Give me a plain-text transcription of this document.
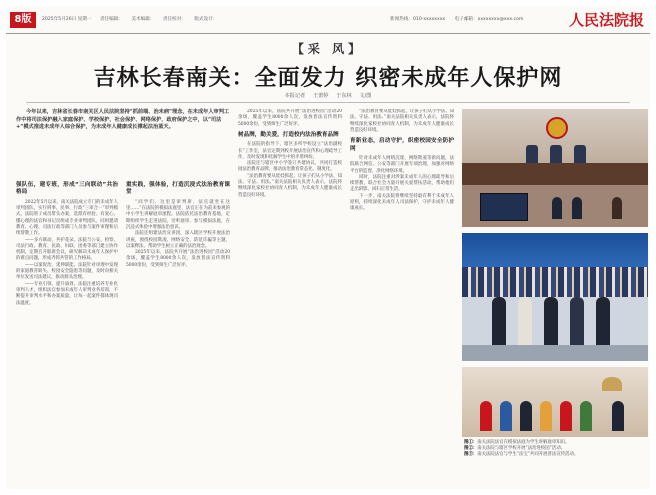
8版	2025年5月26日 星期一 责任编辑： 美术编辑： 责任校对： 版式设计：	新闻热线：010-xxxxxxxx 电子邮箱：xxxxxxxx@xxx.com	人民法院报
【采 风】
吉林长春南关：全面发力 织密未成年人保护网
本报记者 王蕾婷 于东林 文/图
今年以来，吉林省长春市南关区人民法院坚持“抓前端、治未病”理念，在未成年人审判工作中将司法保护融入家庭保护、学校保护、社会保护、网络保护、政府保护之中，以“司法+”模式推进未成年人综合保护，为未成年人健康成长撑起法治蓝天。
强队伍，建专班，形成“三向联动”共治格局

2022年5月以来，南关法院成立专门的未成年人审判团队，实行刑事、民事、行政“三审合一”审判模式，法院班子成员带头办案，选派有经验、有爱心、懂心理的法官和书记员组成专业审判团队，同时邀请教育、心理、司法行政等部门人员参与案件审理和后续帮教工作。

——多方联动，共护花朵。法院与公安、检察、司法行政、教育、民政、妇联、团委等部门建立协作机制，定期召开联席会议，研究解决未成年人保护中的难点问题，形成齐抓共管的工作格局。

——以案促治，延伸职能。法院针对审理中发现的家庭教育缺失、校园安全隐患等问题，及时向相关单位发送司法建议，推动源头治理。

——专业引领，提升质效。法院注重培养专业化审判人才，组织法官参加未成年人审判业务培训，不断提升审判水平和办案质量，让每一起案件都体现司法温度。

重实践，强体验，打造沉浸式法治教育课堂

“同学们，这里是审判席，法官就坐在这里……”在法院的模拟法庭里，法官正在为前来参观的中小学生讲解庭审流程。法院依托法治教育基地，定期组织学生走进法院，旁听庭审、参与模拟法庭，在沉浸式体验中增强法治意识。

法院还组建法治宣讲团，深入辖区学校开展法治讲座，围绕校园欺凌、网络安全、防范诈骗等主题，以案释法，帮助学生树立正确的法治观念。

2025年以来，法院共开展“法治进校园”活动20余场，覆盖学生8000余人次，发放普法宣传资料5000余份，受到师生广泛好评。

2025年以来，法院共开展“法治进校园”活动20余场，覆盖学生8000余人次，发放普法宣传资料5000余份，受到师生广泛好评。

树品牌，勤关爱，打造校内法治教育品牌

在法院的指导下，辖区多所学校设立“法治副校长”工作室，法官定期到校开展法治宣传和心理疏导工作，及时发现和化解学生中的矛盾纠纷。

法院还与辖区中小学签订共建协议，共同打造校园法治教育品牌，推动法治教育常态化、制度化。

“法治教育要从娃娃抓起，让孩子们从小学法、知法、守法、用法。”南关法院相关负责人表示，法院将继续深化家校社协同育人机制，为未成年人健康成长营造良好环境。

“法治教育要从娃娃抓起，让孩子们从小学法、知法、守法、用法。”南关法院相关负责人表示，法院将继续深化家校社协同育人机制，为未成年人健康成长营造良好环境。

育新业态，启动守护，织密校园安全防护网

针对未成年人网络沉迷、网络欺凌等新问题，法院联合网信、公安等部门开展专项治理，加强对网络平台的监督，净化网络环境。

同时，法院注重对涉案未成年人的心理疏导和后续帮教，联合社会力量开展关爱帮扶活动，帮助他们走出阴影、回归正常生活。

下一步，南关法院将继续坚持最有利于未成年人原则，持续深化未成年人司法保护，守护未成年人健康成长。

图①：南关法院法官在模拟法庭为学生讲解庭审知识。

图②：南关法院与辖区学校开展“法治进校园”活动。

图③：南关法院法官与学生“法宝”共同开展普法宣传活动。
